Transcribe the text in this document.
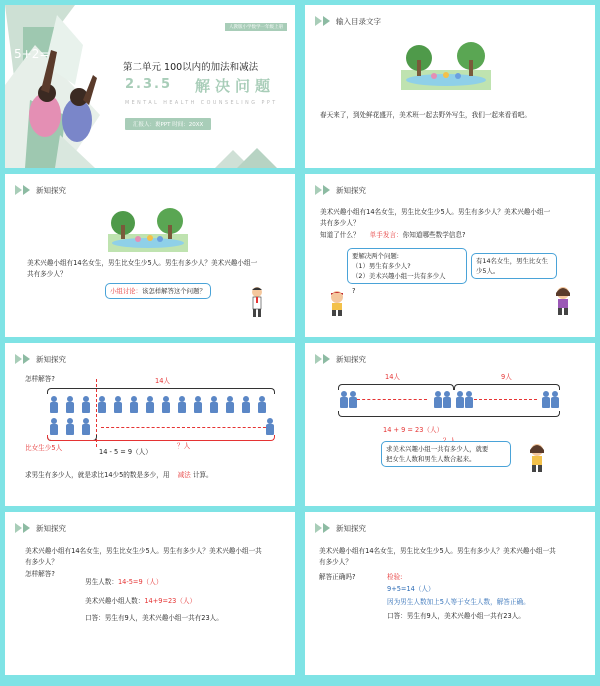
5+2=
人教版小学数学一年级上册
第二单元 100以内的加法和减法
2.3.5 解决问题
MENTAL HEALTH COUNSELING PPT
汇报人：裹PPT 时间：20XX
输入目录文字
春天来了，到处鲜花盛开，美术班一起去野外写生，我们一起来看看吧。
新知探究
美术兴趣小组有14名女生，男生比女生少5人。男生有多少人？美术兴趣小组一
共有多少人？
小组讨论：该怎样解答这个问题？
新知探究
美术兴趣小组有14名女生，男生比女生少5人。男生有多少人？美术兴趣小组一
共有多少人？
知道了什么？ 单手发言：你知道哪些数学信息?
要解决两个问题:
（1）男生有多少人?
（2）美术兴趣小组一共有多少人
有14名女生，男生比女生
少5人。
?
新知探究
怎样解答?	14人
比女生少5人	14 - 5 = 9（人）
？人
求男生有多少人，就是求比14少5的数是多少，用 减法 计算。
新知探究
14人	9人
14 + 9 = 23（人）
求美术兴趣小组一共有多少人，就要
把女生人数和男生人数合起来。
新知探究
美术兴趣小组有14名女生，男生比女生少5人。男生有多少人？美术兴趣小组一共
有多少人？
怎样解答?
男生人数：14-5=9（人）
美术兴趣小组人数：14+9=23（人）
口答：男生有9人，美术兴趣小组一共有23人。
新知探究
美术兴趣小组有14名女生，男生比女生少5人。男生有多少人？美术兴趣小组一共
有多少人？
解答正确吗?	检验:
9+5=14（人）
因为男生人数加上5人等于女生人数，解答正确。
口答：男生有9人，美术兴趣小组一共有23人。
